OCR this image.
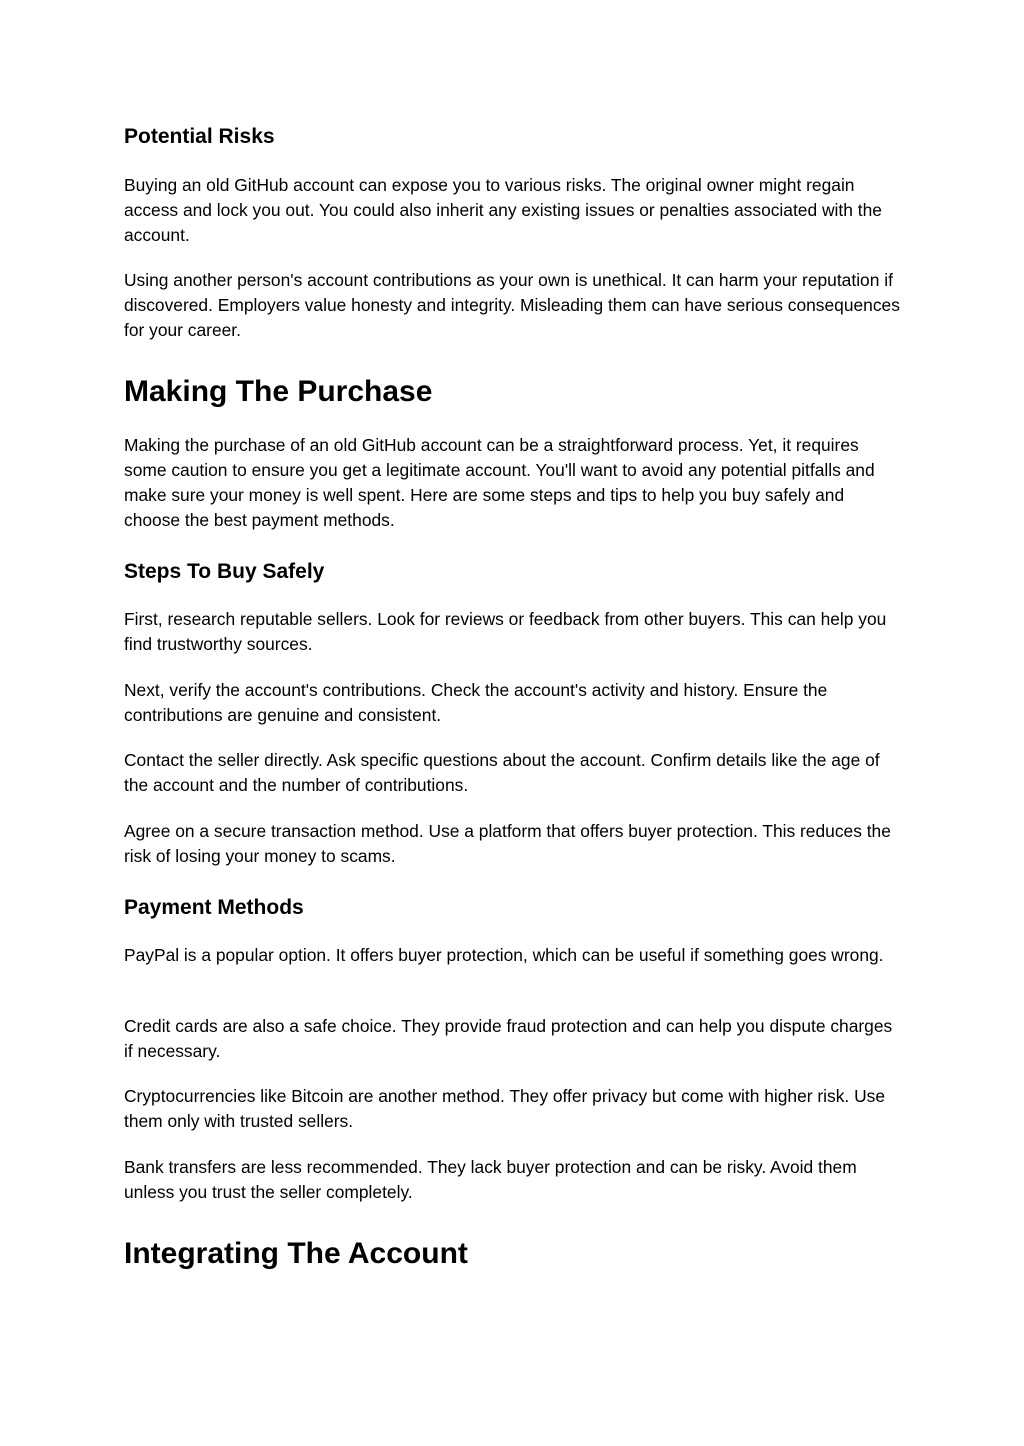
Potential Risks

Buying an old GitHub account can expose you to various risks. The original owner might regain access and lock you out. You could also inherit any existing issues or penalties associated with the account.

Using another person's account contributions as your own is unethical. It can harm your reputation if discovered. Employers value honesty and integrity. Misleading them can have serious consequences for your career.

Making The Purchase

Making the purchase of an old GitHub account can be a straightforward process. Yet, it requires some caution to ensure you get a legitimate account. You'll want to avoid any potential pitfalls and make sure your money is well spent. Here are some steps and tips to help you buy safely and choose the best payment methods.

Steps To Buy Safely

First, research reputable sellers. Look for reviews or feedback from other buyers. This can help you find trustworthy sources.

Next, verify the account's contributions. Check the account's activity and history. Ensure the contributions are genuine and consistent.

Contact the seller directly. Ask specific questions about the account. Confirm details like the age of the account and the number of contributions.

Agree on a secure transaction method. Use a platform that offers buyer protection. This reduces the risk of losing your money to scams.

Payment Methods

PayPal is a popular option. It offers buyer protection, which can be useful if something goes wrong.

Credit cards are also a safe choice. They provide fraud protection and can help you dispute charges if necessary.

Cryptocurrencies like Bitcoin are another method. They offer privacy but come with higher risk. Use them only with trusted sellers.

Bank transfers are less recommended. They lack buyer protection and can be risky. Avoid them unless you trust the seller completely.

Integrating The Account
